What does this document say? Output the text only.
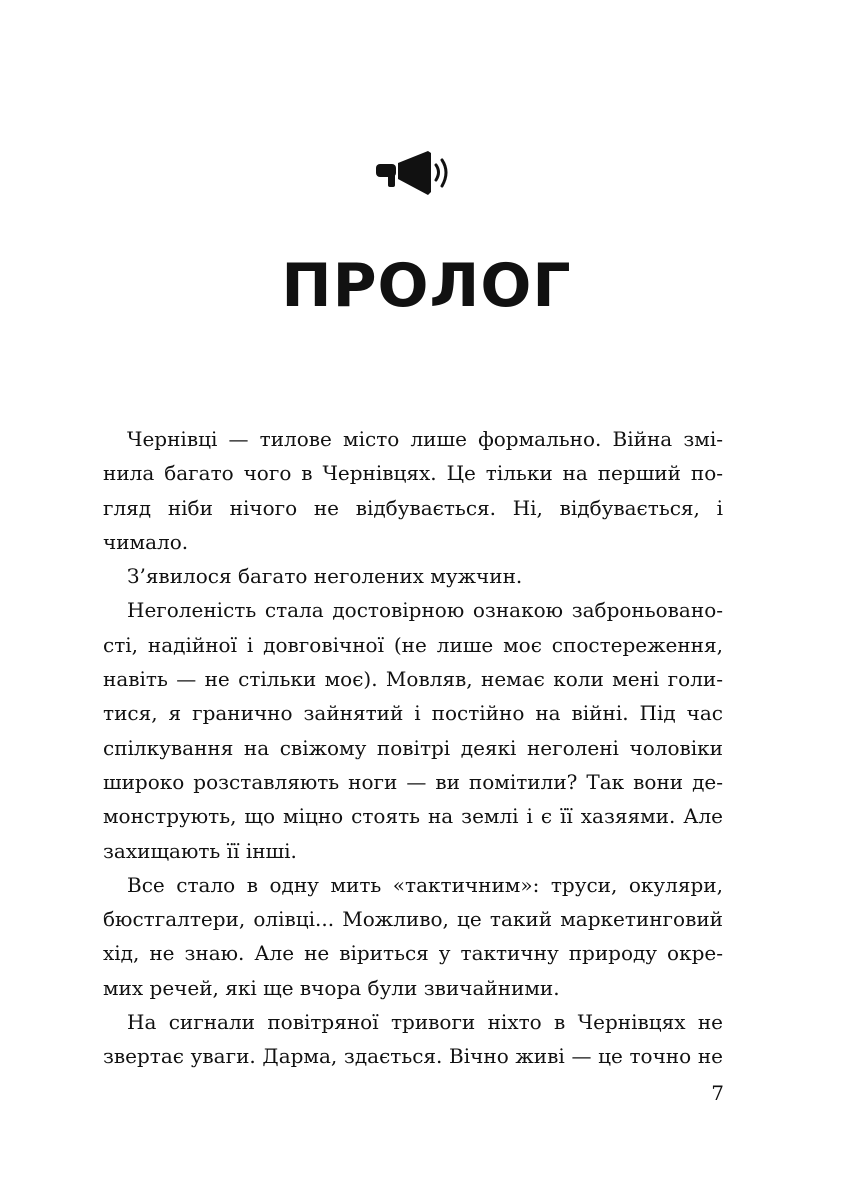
ПРОЛОГ

Чернівці — тилове місто лише формально. Війна змі-
нила багато чого в Чернівцях. Це тільки на перший по-
гляд ніби нічого не відбувається. Ні, відбувається, і чимало.

З’явилося багато неголених мужчин.

Неголеність стала достовірною ознакою заброньовано-
сті, надійної і довговічної (не лише моє спостереження,
навіть — не стільки моє). Мовляв, немає коли мені голи-
тися, я гранично зайнятий і постійно на війні. Під час
спілкування на свіжому повітрі деякі неголені чоловіки
широко розставляють ноги — ви помітили? Так вони де-
монструють, що міцно стоять на землі і є її хазяями. Але
захищають її інші.

Все стало в одну мить «тактичним»: труси, окуляри,
бюстгалтери, олівці... Можливо, це такий маркетинговий
хід, не знаю. Але не віриться у тактичну природу окре-
мих речей, які ще вчора були звичайними.

На сигнали повітряної тривоги ніхто в Чернівцях не
звертає уваги. Дарма, здається. Вічно живі — це точно не

7
